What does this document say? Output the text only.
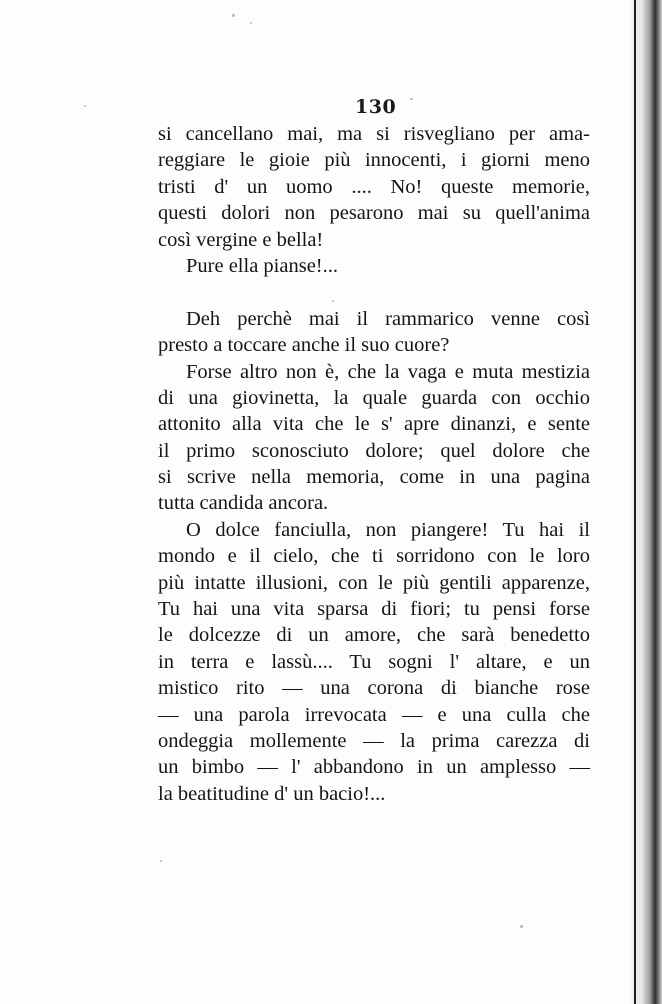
130
si cancellano mai, ma si risvegliano per ama-
reggiare le gioie più innocenti, i giorni meno
tristi d' un uomo .... No! queste memorie,
questi dolori non pesarono mai su quell'anima
così vergine e bella!
Pure ella pianse!...
Deh perchè mai il rammarico venne così
presto a toccare anche il suo cuore?
Forse altro non è, che la vaga e muta mestizia
di una giovinetta, la quale guarda con occhio
attonito alla vita che le s' apre dinanzi, e sente
il primo sconosciuto dolore; quel dolore che
si scrive nella memoria, come in una pagina
tutta candida ancora.
O dolce fanciulla, non piangere! Tu hai il
mondo e il cielo, che ti sorridono con le loro
più intatte illusioni, con le più gentili apparenze,
Tu hai una vita sparsa di fiori; tu pensi forse
le dolcezze di un amore, che sarà benedetto
in terra e lassù.... Tu sogni l' altare, e un
mistico rito — una corona di bianche rose
— una parola irrevocata — e una culla che
ondeggia mollemente — la prima carezza di
un bimbo — l' abbandono in un amplesso —
la beatitudine d' un bacio!...
